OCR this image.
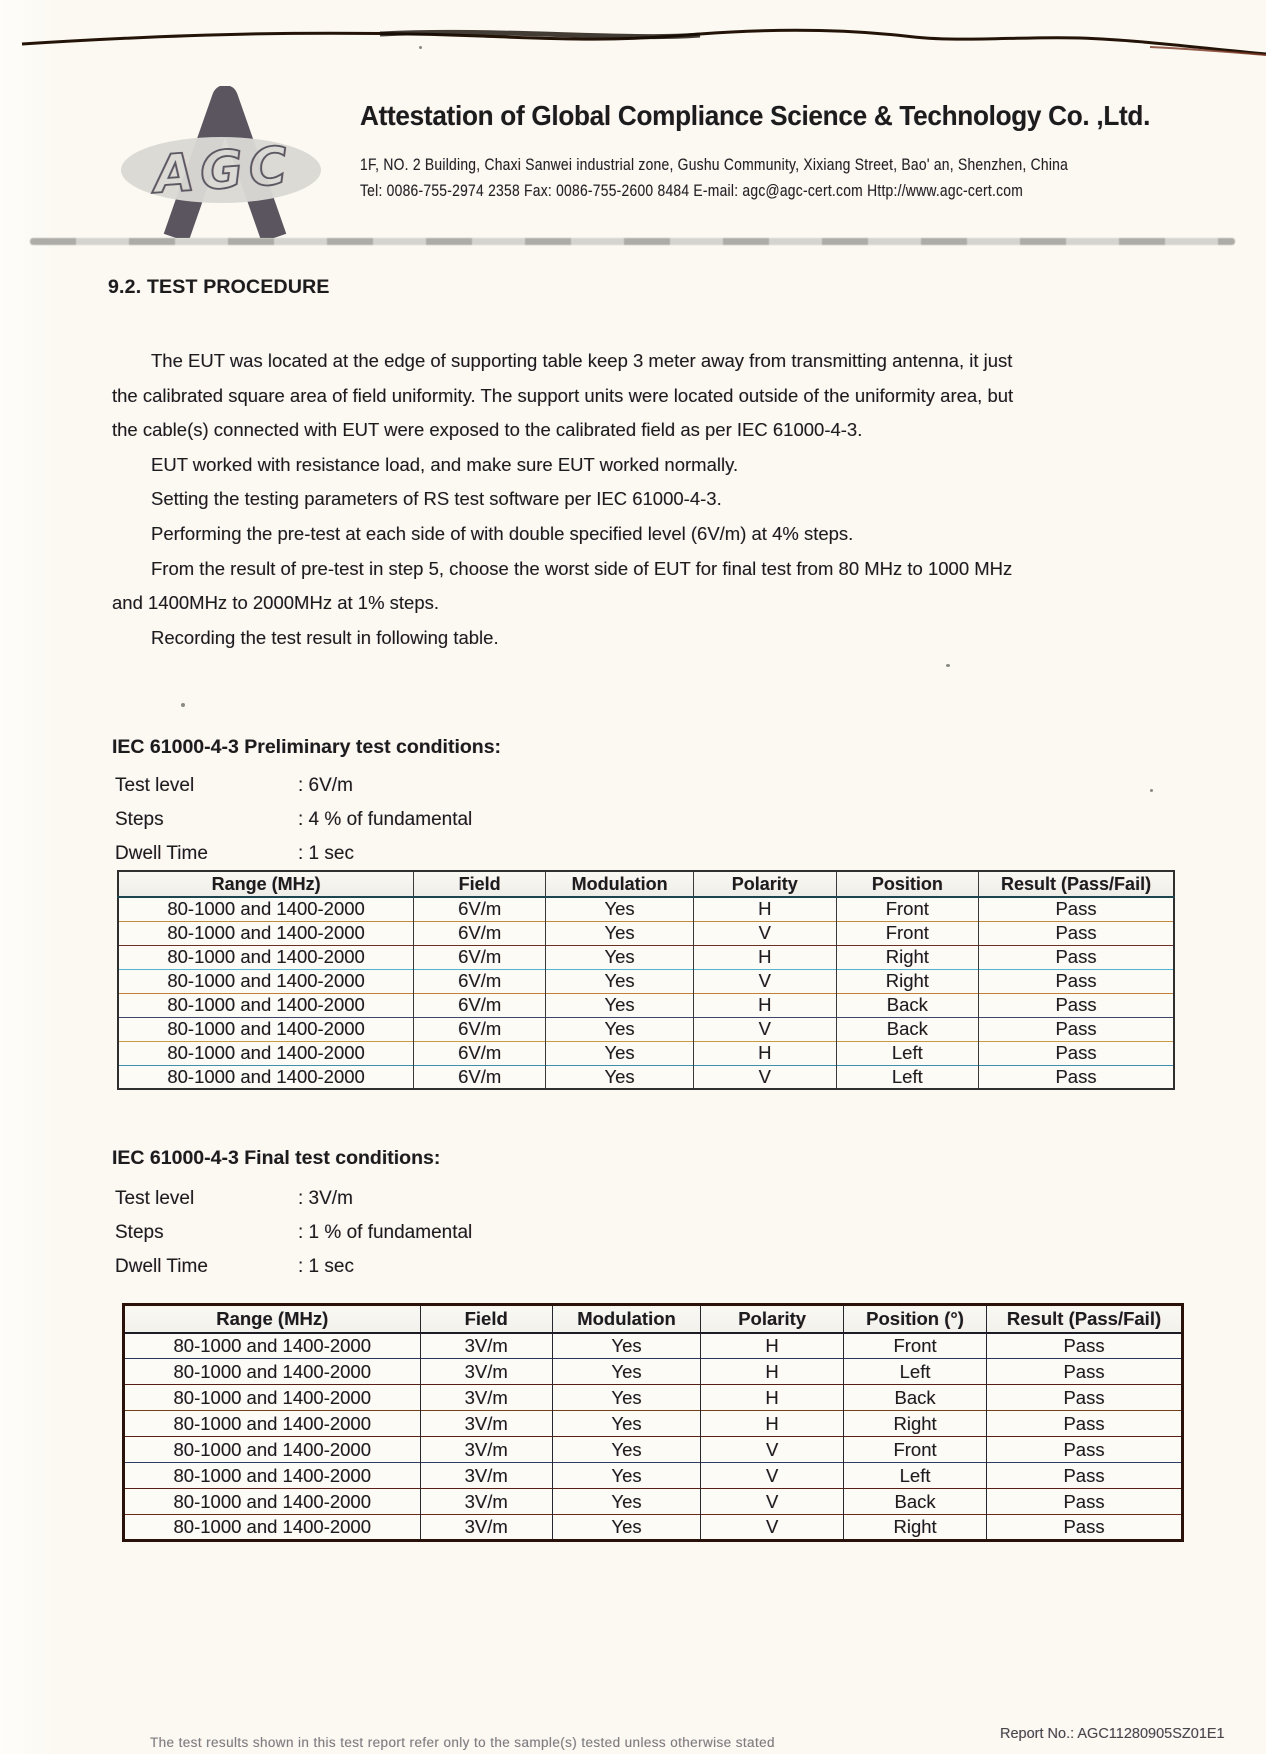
AGC
Attestation of Global Compliance Science & Technology Co. ,Ltd.
1F, NO. 2 Building, Chaxi Sanwei industrial zone, Gushu Community, Xixiang Street, Bao' an, Shenzhen, China
Tel: 0086-755-2974 2358 Fax: 0086-755-2600 8484 E-mail: agc@agc-cert.com Http://www.agc-cert.com
9.2. TEST PROCEDURE
The EUT was located at the edge of supporting table keep 3 meter away from transmitting antenna, it just
the calibrated square area of field uniformity. The support units were located outside of the uniformity area, but
the cable(s) connected with EUT were exposed to the calibrated field as per IEC 61000-4-3.
EUT worked with resistance load, and make sure EUT worked normally.
Setting the testing parameters of RS test software per IEC 61000-4-3.
Performing the pre-test at each side of with double specified level (6V/m) at 4% steps.
From the result of pre-test in step 5, choose the worst side of EUT for final test from 80 MHz to 1000 MHz
and 1400MHz to 2000MHz at 1% steps.
Recording the test result in following table.
IEC 61000-4-3 Preliminary test conditions:
Test level	: 6V/m
Steps	: 4 % of fundamental
Dwell Time	: 1 sec
Range (MHz)	Field	Modulation	Polarity	Position	Result (Pass/Fail)
80-1000 and 1400-2000	6V/m	Yes	H	Front	Pass
80-1000 and 1400-2000	6V/m	Yes	V	Front	Pass
80-1000 and 1400-2000	6V/m	Yes	H	Right	Pass
80-1000 and 1400-2000	6V/m	Yes	V	Right	Pass
80-1000 and 1400-2000	6V/m	Yes	H	Back	Pass
80-1000 and 1400-2000	6V/m	Yes	V	Back	Pass
80-1000 and 1400-2000	6V/m	Yes	H	Left	Pass
80-1000 and 1400-2000	6V/m	Yes	V	Left	Pass
IEC 61000-4-3 Final test conditions:
Test level	: 3V/m
Steps	: 1 % of fundamental
Dwell Time	: 1 sec
Range (MHz)	Field	Modulation	Polarity	Position (°)	Result (Pass/Fail)
80-1000 and 1400-2000	3V/m	Yes	H	Front	Pass
80-1000 and 1400-2000	3V/m	Yes	H	Left	Pass
80-1000 and 1400-2000	3V/m	Yes	H	Back	Pass
80-1000 and 1400-2000	3V/m	Yes	H	Right	Pass
80-1000 and 1400-2000	3V/m	Yes	V	Front	Pass
80-1000 and 1400-2000	3V/m	Yes	V	Left	Pass
80-1000 and 1400-2000	3V/m	Yes	V	Back	Pass
80-1000 and 1400-2000	3V/m	Yes	V	Right	Pass
The test results shown in this test report refer only to the sample(s) tested unless otherwise stated
Report No.: AGC11280905SZ01E1
